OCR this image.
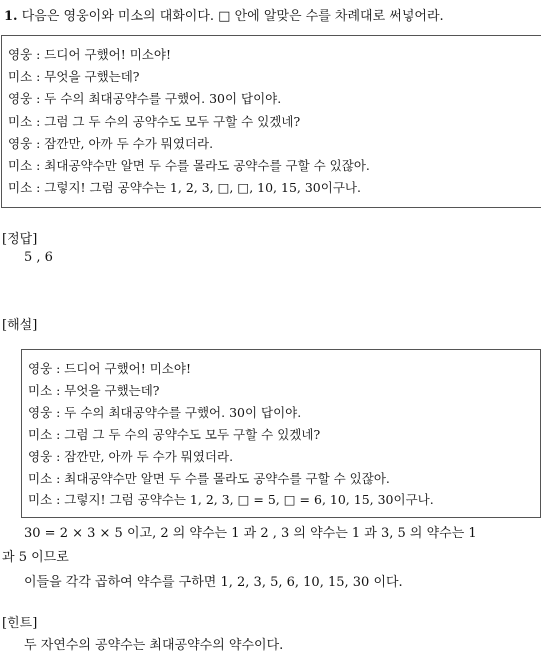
1. 다음은 영웅이와 미소의 대화이다. □ 안에 알맞은 수를 차례대로 써넣어라.
영웅 : 드디어 구했어! 미소야!
미소 : 무엇을 구했는데?
영웅 : 두 수의 최대공약수를 구했어. 30이 답이야.
미소 : 그럼 그 두 수의 공약수도 모두 구할 수 있겠네?
영웅 : 잠깐만, 아까 두 수가 뭐였더라.
미소 : 최대공약수만 알면 두 수를 몰라도 공약수를 구할 수 있잖아.
미소 : 그렇지! 그럼 공약수는 1, 2, 3, □, □, 10, 15, 30이구나.
[정답]
5 , 6
[해설]
영웅 : 드디어 구했어! 미소야!
미소 : 무엇을 구했는데?
영웅 : 두 수의 최대공약수를 구했어. 30이 답이야.
미소 : 그럼 그 두 수의 공약수도 모두 구할 수 있겠네?
영웅 : 잠깐만, 아까 두 수가 뭐였더라.
미소 : 최대공약수만 알면 두 수를 몰라도 공약수를 구할 수 있잖아.
미소 : 그렇지! 그럼 공약수는 1, 2, 3, □ = 5, □ = 6, 10, 15, 30이구나.
30 = 2 × 3 × 5 이고, 2 의 약수는 1 과 2 , 3 의 약수는 1 과 3, 5 의 약수는 1
과 5 이므로
이들을 각각 곱하여 약수를 구하면 1, 2, 3, 5, 6, 10, 15, 30 이다.
[힌트]
두 자연수의 공약수는 최대공약수의 약수이다.
